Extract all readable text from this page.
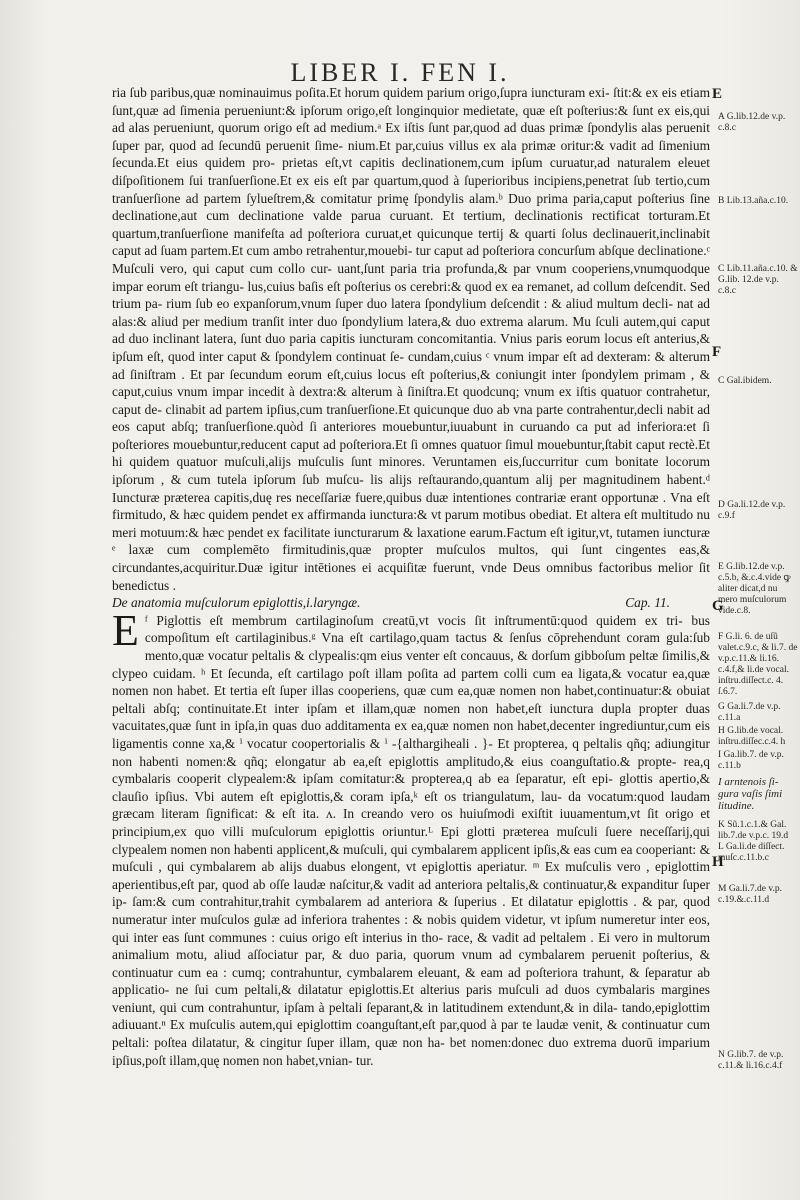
LIBER I. FEN I.
E
F
G
H

ria ſub paribus,quæ nominauimus poſita.Et horum quidem parium origo,ſupra iuncturam exi- ſtit:& ex eis etiam ſunt,quæ ad ſimenia perueniunt:& ipſorum origo,eſt longinquior medietate, quæ eſt poſterius:& ſunt ex eis,qui ad alas perueniunt, quorum origo eſt ad medium.ᵃ Ex iſtis ſunt par,quod ad duas primæ ſpondylis alas peruenit ſuper par, quod ad ſecundū peruenit ſime- nium.Et par,cuius villus ex ala primæ oritur:& vadit ad ſimenium ſecunda.Et eius quidem pro- prietas eſt,vt capitis declinationem,cum ipſum curuatur,ad naturalem eleuet diſpoſitionem ſui tranſuerſione.Et ex eis eſt par quartum,quod à ſuperioribus incipiens,penetrat ſub tertio,cum tranſuerſione ad partem ſylueſtrem,& comitatur primę ſpondylis alam.ᵇ Duo prima paria,caput poſterius ſine declinatione,aut cum declinatione valde parua curuant. Et tertium, declinationis rectificat torturam.Et quartum,tranſuerſione manifeſta ad poſteriora curuat,et quicunque tertij & quarti ſolus declinauerit,inclinabit caput ad ſuam partem.Et cum ambo retrahentur,mouebi- tur caput ad poſteriora concurſum abſque declinatione.ᶜ Muſculi vero, qui caput cum collo cur- uant,ſunt paria tria profunda,& par vnum cooperiens,vnumquodque impar eorum eſt triangu- lus,cuius baſis eſt poſterius os cerebri:& quod ex ea remanet, ad collum deſcendit. Sed trium pa- rium ſub eo expanſorum,vnum ſuper duo latera ſpondylium deſcendit : & aliud multum decli- nat ad alas:& aliud per medium tranſit inter duo ſpondylium latera,& duo extrema alarum. Mu ſculi autem,qui caput ad duo inclinant latera, ſunt duo paria capitis iuncturam concomitantia. Vnius paris eorum locus eſt anterius,& ipſum eſt, quod inter caput & ſpondylem continuat ſe- cundam,cuius ᶜ vnum impar eſt ad dexteram: & alterum ad ſiniſtram . Et par ſecundum eorum eſt,cuius locus eſt poſterius,& coniungit inter ſpondylem primam , & caput,cuius vnum impar incedit à dextra:& alterum à ſiniſtra.Et quodcunq; vnum ex iſtis quatuor contrahetur, caput de- clinabit ad partem ipſius,cum tranſuerſione.Et quicunque duo ab vna parte contrahentur,decli nabit ad eos caput abſq; tranſuerſione.quòd ſi anteriores mouebuntur,iuuabunt in curuando ca put ad inferiora:et ſi poſteriores mouebuntur,reducent caput ad poſteriora.Et ſi omnes quatuor ſimul mouebuntur,ſtabit caput rectè.Et hi quidem quatuor muſculi,alijs muſculis ſunt minores. Veruntamen eis,ſuccurritur cum bonitate locorum ipſorum , & cum tutela ipſorum ſub muſcu- lis alijs reſtaurando,quantum alij per magnitudinem habent.ᵈ Iuncturæ præterea capitis,duę res neceſſariæ fuere,quibus duæ intentiones contrariæ erant opportunæ . Vna eſt firmitudo, & hæc quidem pendet ex affirmanda iunctura:& vt parum motibus obediat. Et altera eſt multitudo nu meri motuum:& hæc pendet ex facilitate iuncturarum & laxatione earum.Factum eſt igitur,vt, tutamen iuncturæ ᵉ laxæ cum complemēto firmitudinis,quæ propter muſculos multos, qui ſunt cingentes eas,& circundantes,acquiritur.Duæ igitur intētiones ei acquiſitæ fuerunt, vnde Deus omnibus factoribus melior ſit benedictus .

De anatomia muſculorum epiglottis,i.laryngæ.	Cap. 11.

E ᶠ Piglottis eſt membrum cartilaginoſum creatū,vt vocis ſit inſtrumentū:quod quidem ex tri- bus compoſitum eſt cartilaginibus.ᵍ Vna eſt cartilago,quam tactus & ſenſus cōprehendunt coram gula:ſub mento,quæ vocatur peltalis & clypealis:qm eius venter eſt concauus, & dorſum gibboſum peltæ ſimilis,& clypeo cuidam. ʰ Et ſecunda, eſt cartilago poſt illam poſita ad partem colli cum ea ligata,& vocatur ea,quæ nomen non habet. Et tertia eſt ſuper illas cooperiens, quæ cum ea,quæ nomen non habet,continuatur:& obuiat peltali abſq; continuitate.Et inter ipſam et illam,quæ nomen non habet,eſt iunctura dupla propter duas vacuitates,quæ ſunt in ipſa,in quas duo additamenta ex ea,quæ nomen non habet,decenter ingrediuntur,cum eis ligamentis conne xa,& ⁱ vocatur coopertorialis & ⁱ -{althargiheali . }- Et propterea, q peltalis qñq; adiungitur non habenti nomen:& qñq; elongatur ab ea,eſt epiglottis amplitudo,& eius coanguſtatio.& propte- rea,q cymbalaris cooperit clypealem:& ipſam comitatur:& propterea,q ab ea ſeparatur, eſt epi- glottis apertio,& clauſio ipſius. Vbi autem eſt epiglottis,& coram ipſa,ᵏ eſt os triangulatum, lau- da vocatum:quod laudam græcam literam ſignificat: & eſt ita. ʌ. In creando vero os huiuſmodi exiſtit iuuamentum,vt ſit origo et principium,ex quo villi muſculorum epiglottis oriuntur.ᴸ Epi glotti præterea muſculi ſuere neceſſarij,qui clypealem nomen non habenti applicent,& muſculi, qui cymbalarem applicent ipſis,& eas cum ea cooperiant: & muſculi , qui cymbalarem ab alijs duabus elongent, vt epiglottis aperiatur. ᵐ Ex muſculis vero , epiglottim aperientibus,eſt par, quod ab oſſe laudæ naſcitur,& vadit ad anteriora peltalis,& continuatur,& expanditur ſuper ip- ſam:& cum contrahitur,trahit cymbalarem ad anteriora & ſuperius . Et dilatatur epiglottis . & par, quod numeratur inter muſculos gulæ ad inferiora trahentes : & nobis quidem videtur, vt ipſum numeretur inter eos, qui inter eas ſunt communes : cuius origo eſt interius in tho- race, & vadit ad peltalem . Ei vero in multorum animalium motu, aliud aſſociatur par, & duo paria, quorum vnum ad cymbalarem peruenit poſterius, & continuatur cum ea : cumq; contrahuntur, cymbalarem eleuant, & eam ad poſteriora trahunt, & ſeparatur ab applicatio- ne ſui cum peltali,& dilatatur epiglottis.Et alterius paris muſculi ad duos cymbalaris margines veniunt, qui cum contrahuntur, ipſam à peltali ſeparant,& in latitudinem extendunt,& in dila- tando,epiglottim adiuuant.ⁿ Ex muſculis autem,qui epiglottim coanguſtant,eſt par,quod à par te laudæ venit, & continuatur cum peltali: poſtea dilatatur, & cingitur ſuper illam, quæ non ha- bet nomen:donec duo extrema duorū imparium ipſius,poſt illam,quę nomen non habet,vnian- tur.

A G.lib.12.de v.p. c.8.c
B Lib.13.aña.c.10.
C Lib.11.aña.c.10. & G.lib. 12.de v.p. c.8.c
C Gal.ibidem.
D Ga.li.12.de v.p. c.9.f
E G.lib.12.de v.p. c.5.b, &.c.4.vide ꝙ aliter dicat,d nu mero muſculorum vide.c.8.
F G.li. 6. de uſũ valet.c.9.c, & li.7. de v.p.c.11.& li.16. c.4.f,& li.de vocal. inſtru.diſſect.c. 4. ſ.6.7.
G Ga.li.7.de v.p. c.11.a
H G.lib.de vocal. inſtru.diſſec.c.4. h
I Ga.lib.7. de v.p. c.11.b
I arntenois ſi- gura vaſis ſimi litudine.
K Sũ.1.c.1.& Gal. lib.7.de v.p.c. 19.d
L Ga.li.de diſſect. muſc.c.11.b.c
M Ga.li.7.de v.p. c.19.&.c.11.d
N G.lib.7. de v.p. c.11.& li.16.c.4.f
